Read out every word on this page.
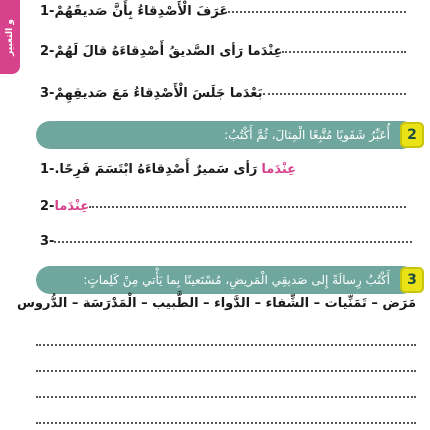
و التعبير
1- عَرَفَ الْأَصْدِقاءُ بِأَنَّ صَديقَهُمْ
2- عِنْدَما رَأى الصَّديقُ أَصْدِقاءَهُ قالَ لَهُمْ
3- بَعْدَما جَلَسَ الْأَصْدِقاءُ مَعَ صَديقِهِمْ
2
أُعَبِّرُ شَفَويًا مُتَّبِعًا الْمِثالَ، ثُمَّ أَكْتُبُ:
1-	عِنْدَما
رَأى سَميرٌ أَصْدِقاءَهُ ابْتَسَمَ فَرِحًا.
2- عِنْدَما
3-
3
أَكْتُبُ رِسالَةً إِلى صَديقِي الْمَريضِ، مُسْتَعينًا بِما يَأْتي مِنْ كَلِماتٍ:
مَرَض – تَمَنِّيات – الشِّفاء – الدَّواء – الطَّبيب – الْمَدْرَسَة – الدُّروس
